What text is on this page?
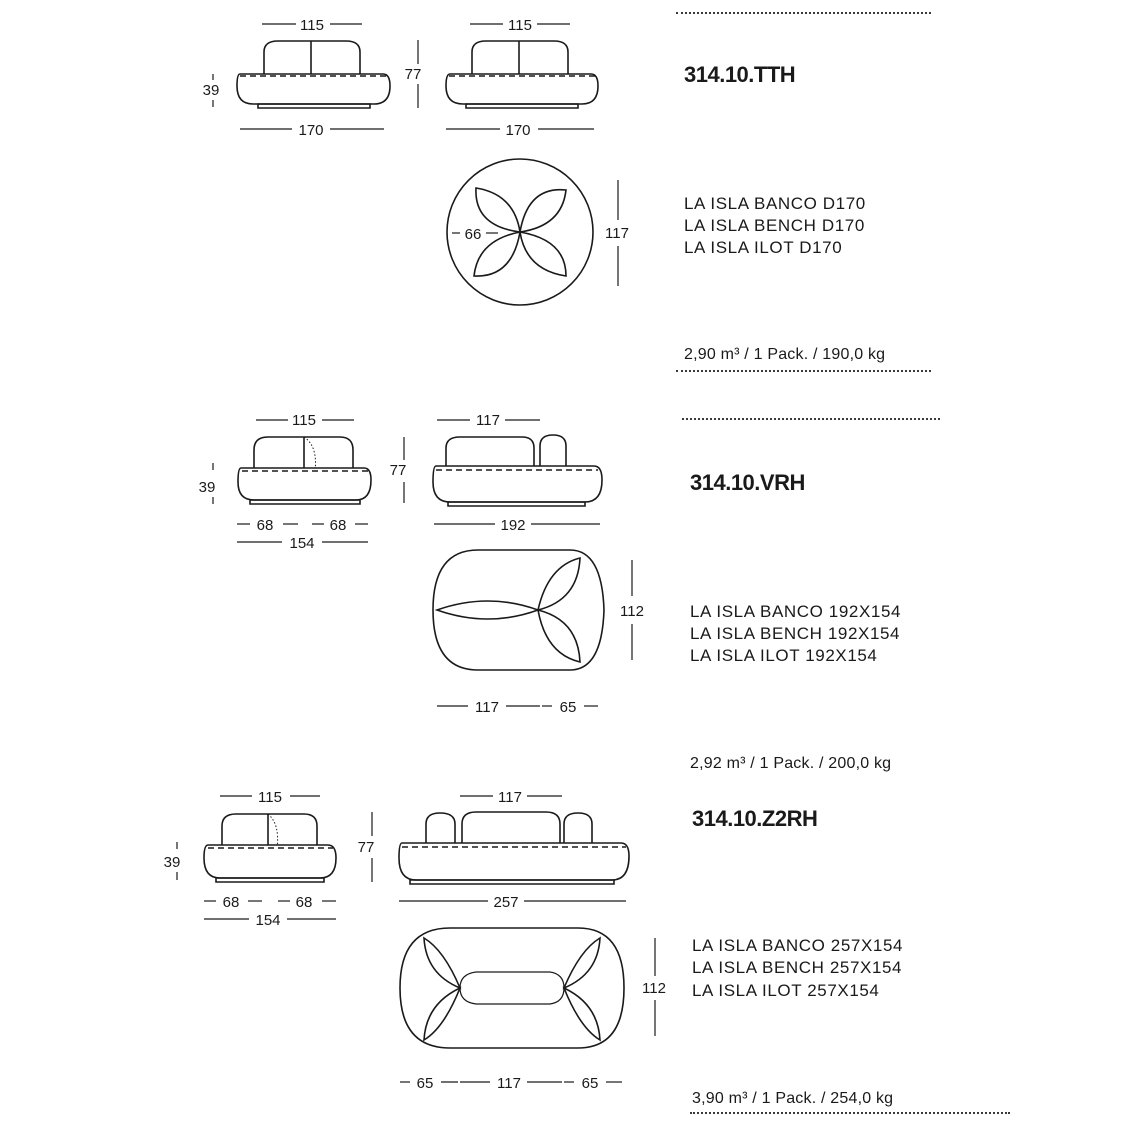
115
39
170
77
115
170
66	117
115
39
68	68
154
117
77
192
112
117	65
115
39
68	68
154
117
77
257
112
65	117	65
314.10.TTH
LA ISLA BANCO D170
LA ISLA BENCH D170
LA ISLA ILOT D170
2,90 m³ / 1 Pack. / 190,0 kg
314.10.VRH
LA ISLA BANCO 192X154
LA ISLA BENCH 192X154
LA ISLA ILOT 192X154
2,92 m³ / 1 Pack. / 200,0 kg
314.10.Z2RH
LA ISLA BANCO 257X154
LA ISLA BENCH 257X154
LA ISLA ILOT 257X154
3,90 m³ / 1 Pack. / 254,0 kg
